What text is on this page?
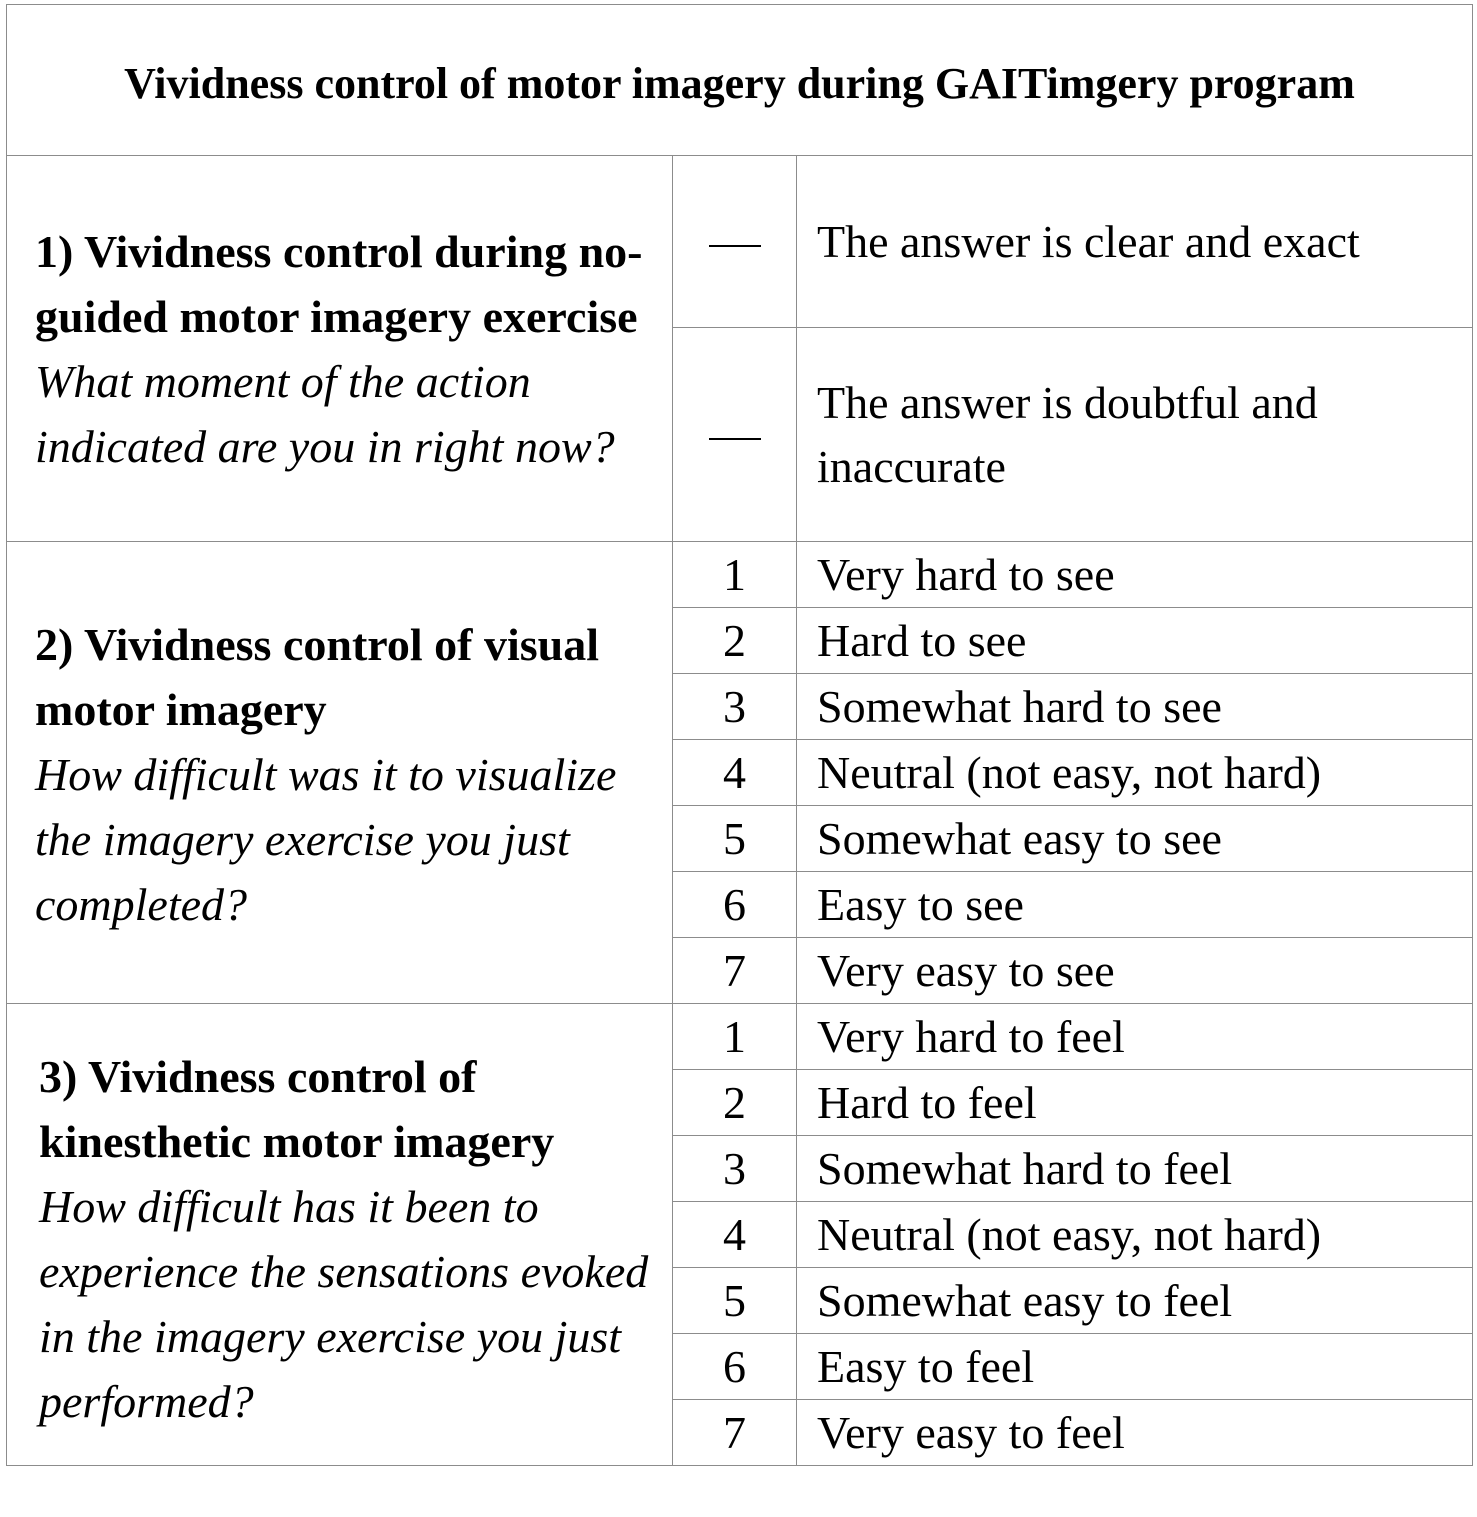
Vividness control of motor imagery during GAITimgery program		

1) Vividness control during no-guided motor imagery exercise
What moment of the action indicated are you in right now?		The answer is clear and exact
		The answer is doubtful and inaccurate

2) Vividness control of visual motor imagery
How difficult was it to visualize the imagery exercise you just completed?	1	Very hard to see
	2	Hard to see
	3	Somewhat hard to see
	4	Neutral (not easy, not hard)
	5	Somewhat easy to see
	6	Easy to see
	7	Very easy to see

3) Vividness control of kinesthetic motor imagery
How difficult has it been to experience the sensations evoked in the imagery exercise you just performed?	1	Very hard to feel
	2	Hard to feel
	3	Somewhat hard to feel
	4	Neutral (not easy, not hard)
	5	Somewhat easy to feel
	6	Easy to feel
	7	Very easy to feel
